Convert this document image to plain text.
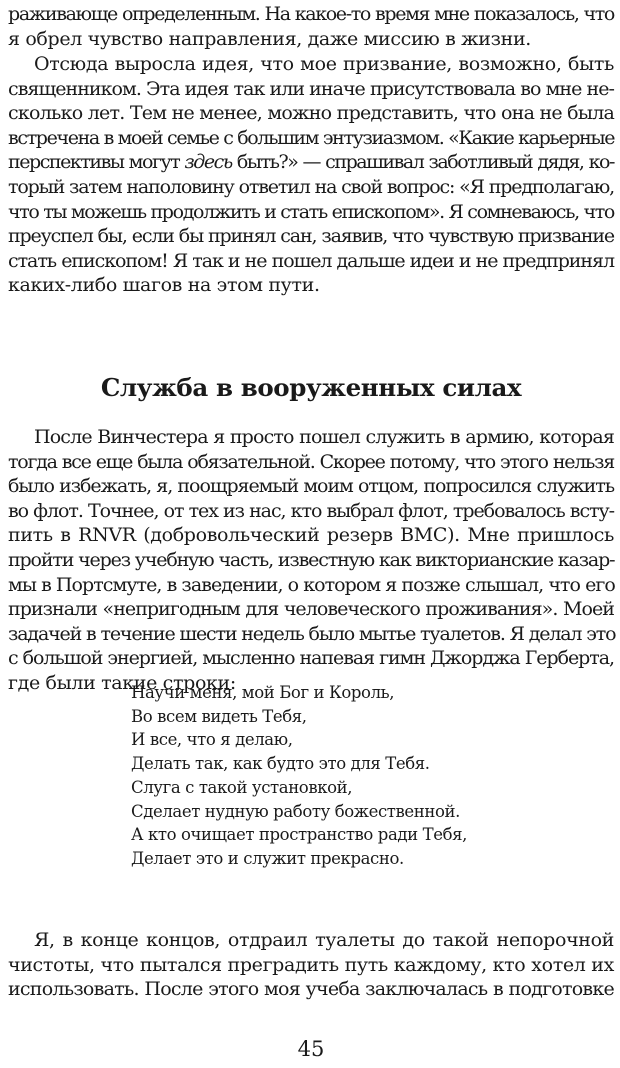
раживающе определенным. На какое-то время мне показалось, что
я обрел чувство направления, даже миссию в жизни.
Отсюда выросла идея, что мое призвание, возможно, быть
священником. Эта идея так или иначе присутствовала во мне не-
сколько лет. Тем не менее, можно представить, что она не была
встречена в моей семье с большим энтузиазмом. «Какие карьерные
перспективы могут здесь быть?» — спрашивал заботливый дядя, ко-
торый затем наполовину ответил на свой вопрос: «Я предполагаю,
что ты можешь продолжить и стать епископом». Я сомневаюсь, что
преуспел бы, если бы принял сан, заявив, что чувствую призвание
стать епископом! Я так и не пошел дальше идеи и не предпринял
каких-либо шагов на этом пути.
Служба в вооруженных силах
После Винчестера я просто пошел служить в армию, которая
тогда все еще была обязательной. Скорее потому, что этого нельзя
было избежать, я, поощряемый моим отцом, попросился служить
во флот. Точнее, от тех из нас, кто выбрал флот, требовалось всту-
пить в RNVR (добровольческий резерв ВМС). Мне пришлось
пройти через учебную часть, известную как викторианские казар-
мы в Портсмуте, в заведении, о котором я позже слышал, что его
признали «непригодным для человеческого проживания». Моей
задачей в течение шести недель было мытье туалетов. Я делал это
с большой энергией, мысленно напевая гимн Джорджа Герберта,
где были такие строки:
Научи меня, мой Бог и Король,
Во всем видеть Тебя,
И все, что я делаю,
Делать так, как будто это для Тебя.
Слуга с такой установкой,
Сделает нудную работу божественной.
А кто очищает пространство ради Тебя,
Делает это и служит прекрасно.
Я, в конце концов, отдраил туалеты до такой непорочной
чистоты, что пытался преградить путь каждому, кто хотел их
использовать. После этого моя учеба заключалась в подготовке
45
